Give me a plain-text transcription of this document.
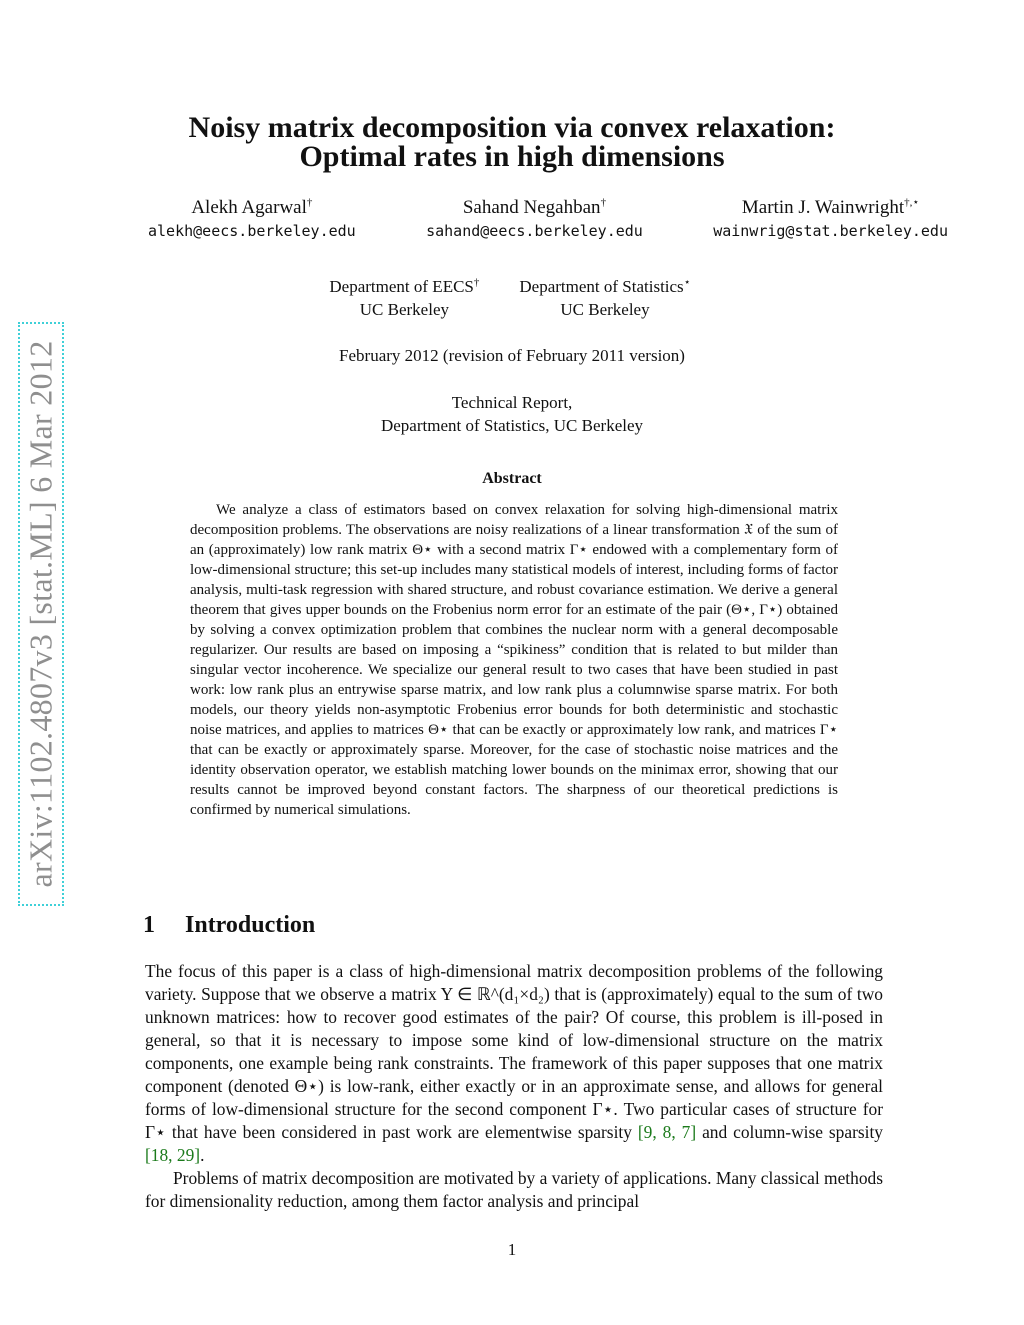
arXiv:1102.4807v3 [stat.ML] 6 Mar 2012
Noisy matrix decomposition via convex relaxation:
Optimal rates in high dimensions
Alekh Agarwal†
alekh@eecs.berkeley.edu
Sahand Negahban†
sahand@eecs.berkeley.edu
Martin J. Wainwright†,⋆
wainwrig@stat.berkeley.edu
Department of EECS†
UC Berkeley
Department of Statistics⋆
UC Berkeley
February 2012 (revision of February 2011 version)
Technical Report,
Department of Statistics, UC Berkeley
Abstract

We analyze a class of estimators based on convex relaxation for solving high-dimensional matrix decomposition problems. The observations are noisy realizations of a linear transformation 𝔛 of the sum of an (approximately) low rank matrix Θ⋆ with a second matrix Γ⋆ endowed with a complementary form of low-dimensional structure; this set-up includes many statistical models of interest, including forms of factor analysis, multi-task regression with shared structure, and robust covariance estimation. We derive a general theorem that gives upper bounds on the Frobenius norm error for an estimate of the pair (Θ⋆, Γ⋆) obtained by solving a convex optimization problem that combines the nuclear norm with a general decomposable regularizer. Our results are based on imposing a “spikiness” condition that is related to but milder than singular vector incoherence. We specialize our general result to two cases that have been studied in past work: low rank plus an entrywise sparse matrix, and low rank plus a columnwise sparse matrix. For both models, our theory yields non-asymptotic Frobenius error bounds for both deterministic and stochastic noise matrices, and applies to matrices Θ⋆ that can be exactly or approximately low rank, and matrices Γ⋆ that can be exactly or approximately sparse. Moreover, for the case of stochastic noise matrices and the identity observation operator, we establish matching lower bounds on the minimax error, showing that our results cannot be improved beyond constant factors. The sharpness of our theoretical predictions is confirmed by numerical simulations.

1 Introduction

The focus of this paper is a class of high-dimensional matrix decomposition problems of the following variety. Suppose that we observe a matrix Y ∈ ℝ^(d₁×d₂) that is (approximately) equal to the sum of two unknown matrices: how to recover good estimates of the pair? Of course, this problem is ill-posed in general, so that it is necessary to impose some kind of low-dimensional structure on the matrix components, one example being rank constraints. The framework of this paper supposes that one matrix component (denoted Θ⋆) is low-rank, either exactly or in an approximate sense, and allows for general forms of low-dimensional structure for the second component Γ⋆. Two particular cases of structure for Γ⋆ that have been considered in past work are elementwise sparsity [9, 8, 7] and column-wise sparsity [18, 29].

Problems of matrix decomposition are motivated by a variety of applications. Many classical methods for dimensionality reduction, among them factor analysis and principal

1
